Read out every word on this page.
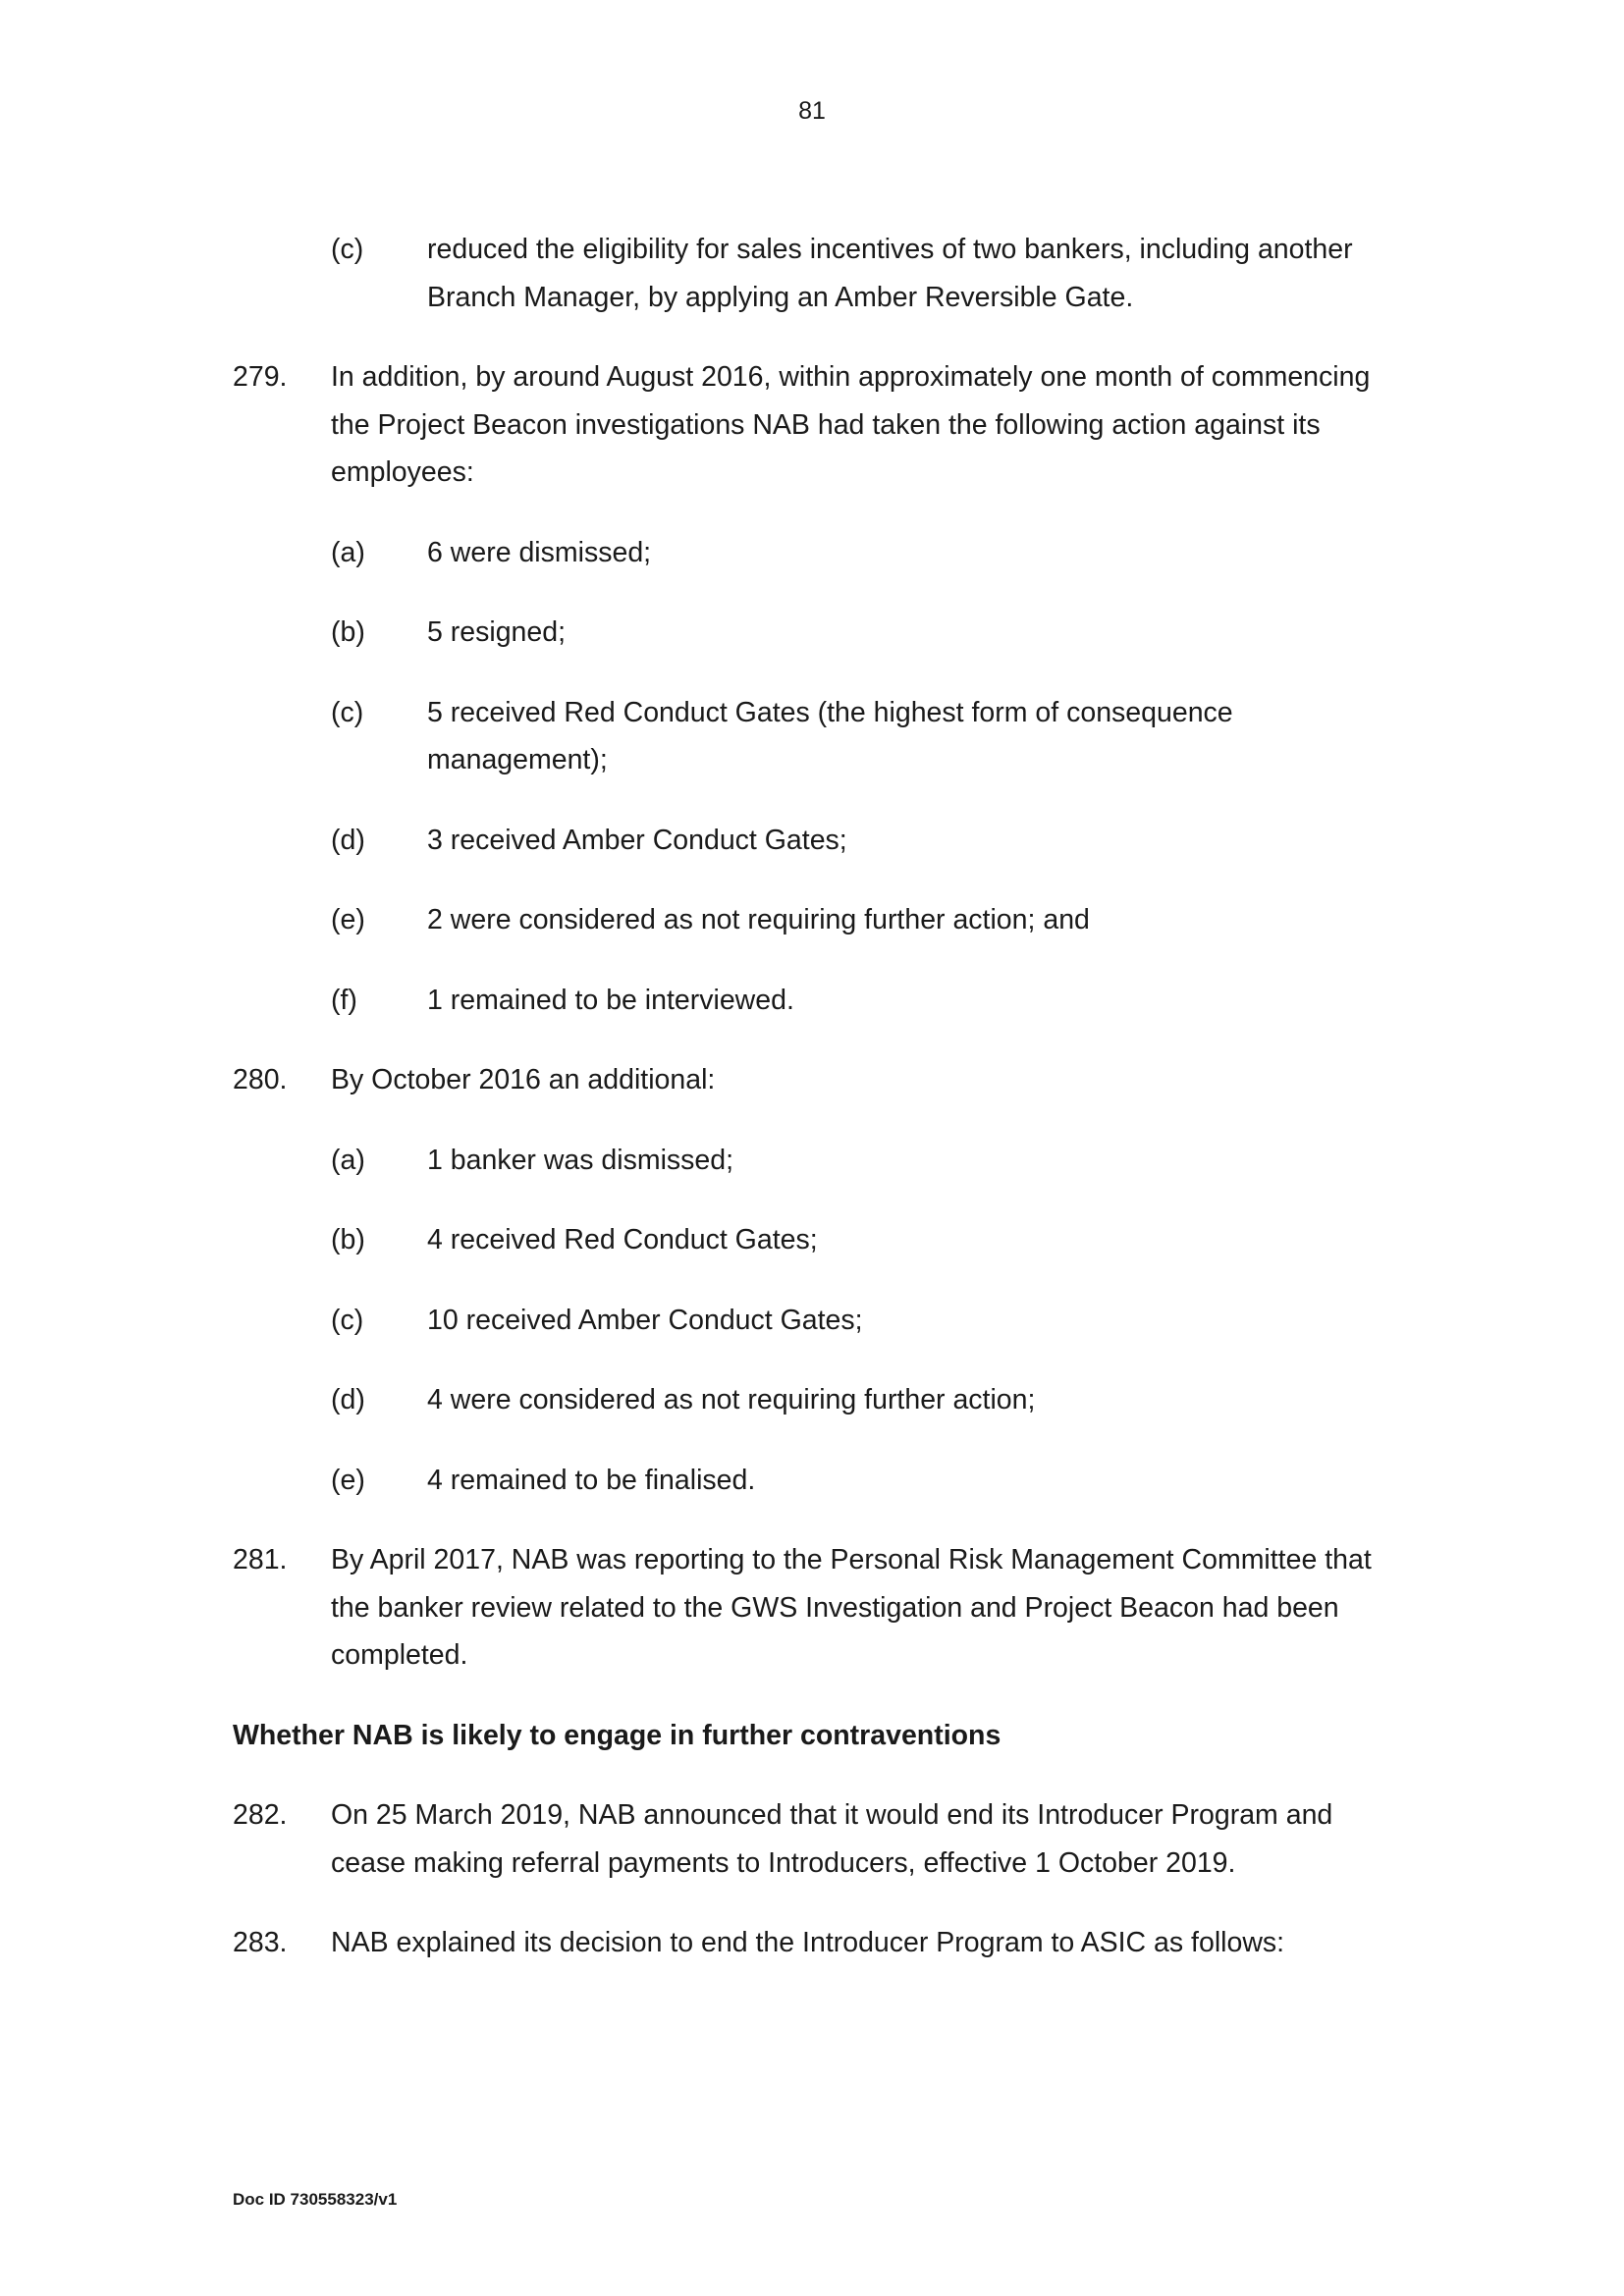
81
(c) reduced the eligibility for sales incentives of two bankers, including another Branch Manager, by applying an Amber Reversible Gate.
279. In addition, by around August 2016, within approximately one month of commencing the Project Beacon investigations NAB had taken the following action against its employees:
(a) 6 were dismissed;
(b) 5 resigned;
(c) 5 received Red Conduct Gates (the highest form of consequence management);
(d) 3 received Amber Conduct Gates;
(e) 2 were considered as not requiring further action; and
(f) 1 remained to be interviewed.
280. By October 2016 an additional:
(a) 1 banker was dismissed;
(b) 4 received Red Conduct Gates;
(c) 10 received Amber Conduct Gates;
(d) 4 were considered as not requiring further action;
(e) 4 remained to be finalised.
281. By April 2017, NAB was reporting to the Personal Risk Management Committee that the banker review related to the GWS Investigation and Project Beacon had been completed.
Whether NAB is likely to engage in further contraventions
282. On 25 March 2019, NAB announced that it would end its Introducer Program and cease making referral payments to Introducers, effective 1 October 2019.
283. NAB explained its decision to end the Introducer Program to ASIC as follows:
Doc ID 730558323/v1
